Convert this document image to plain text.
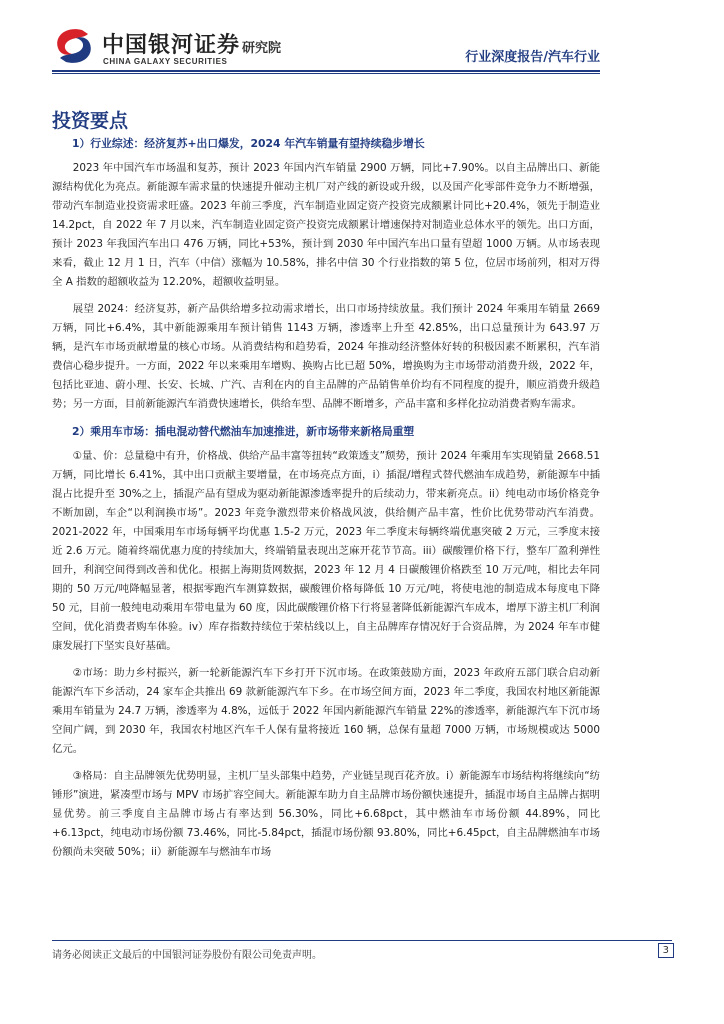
中国银河证券
CHINA GALAXY SECURITIES
研究院
行业深度报告/汽车行业
投资要点
1）行业综述：经济复苏+出口爆发，2024 年汽车销量有望持续稳步增长

2023 年中国汽车市场温和复苏，预计 2023 年国内汽车销量 2900 万辆，同比+7.90%。以自主品牌出口、新能源结构优化为亮点。新能源车需求量的快速提升催动主机厂对产线的新设或升级，以及国产化零部件竞争力不断增强，带动汽车制造业投资需求旺盛。2023 年前三季度，汽车制造业固定资产投资完成额累计同比+20.4%，领先于制造业 14.2pct，自 2022 年 7 月以来，汽车制造业固定资产投资完成额累计增速保持对制造业总体水平的领先。出口方面，预计 2023 年我国汽车出口 476 万辆，同比+53%，预计到 2030 年中国汽车出口量有望超 1000 万辆。从市场表现来看，截止 12 月 1 日，汽车（中信）涨幅为 10.58%，排名中信 30 个行业指数的第 5 位，位居市场前列，相对万得全 A 指数的超额收益为 12.20%，超额收益明显。

展望 2024：经济复苏，新产品供给增多拉动需求增长，出口市场持续放量。我们预计 2024 年乘用车销量 2669 万辆，同比+6.4%，其中新能源乘用车预计销售 1143 万辆，渗透率上升至 42.85%，出口总量预计为 643.97 万辆，是汽车市场贡献增量的核心市场。从消费结构和趋势看，2024 年推动经济整体好转的积极因素不断累积，汽车消费信心稳步提升。一方面，2022 年以来乘用车增购、换购占比已超 50%，增换购为主市场带动消费升级，2022 年，包括比亚迪、蔚小理、长安、长城、广汽、吉利在内的自主品牌的产品销售单价均有不同程度的提升，顺应消费升级趋势；另一方面，目前新能源汽车消费快速增长，供给车型、品牌不断增多，产品丰富和多样化拉动消费者购车需求。

2）乘用车市场：插电混动替代燃油车加速推进，新市场带来新格局重塑

①量、价：总量稳中有升，价格战、供给产品丰富等扭转“政策透支”颓势，预计 2024 年乘用车实现销量 2668.51 万辆，同比增长 6.41%，其中出口贡献主要增量，在市场亮点方面，i）插混/增程式替代燃油车成趋势，新能源车中插混占比提升至 30%之上，插混产品有望成为驱动新能源渗透率提升的后续动力，带来新亮点。ii）纯电动市场价格竞争不断加剧，车企“以利润换市场”。2023 年竞争激烈带来价格战风波，供给侧产品丰富，性价比优势带动汽车消费。2021-2022 年，中国乘用车市场每辆平均优惠 1.5-2 万元，2023 年二季度末每辆终端优惠突破 2 万元，三季度末接近 2.6 万元。随着终端优惠力度的持续加大，终端销量表现出芝麻开花节节高。iii）碳酸锂价格下行，整车厂盈利弹性回升，利润空间得到改善和优化。根据上海期货网数据，2023 年 12 月 4 日碳酸锂价格跌至 10 万元/吨，相比去年同期的 50 万元/吨降幅显著，根据零跑汽车测算数据，碳酸锂价格每降低 10 万元/吨，将使电池的制造成本每度电下降 50 元，目前一般纯电动乘用车带电量为 60 度，因此碳酸锂价格下行将显著降低新能源汽车成本，增厚下游主机厂利润空间，优化消费者购车体验。iv）库存指数持续位于荣枯线以上，自主品牌库存情况好于合资品牌，为 2024 年车市健康发展打下坚实良好基础。

②市场：助力乡村振兴，新一轮新能源汽车下乡打开下沉市场。在政策鼓励方面，2023 年政府五部门联合启动新能源汽车下乡活动，24 家车企共推出 69 款新能源汽车下乡。在市场空间方面，2023 年二季度，我国农村地区新能源乘用车销量为 24.7 万辆，渗透率为 4.8%，远低于 2022 年国内新能源汽车销量 22%的渗透率，新能源汽车下沉市场空间广阔，到 2030 年，我国农村地区汽车千人保有量将接近 160 辆，总保有量超 7000 万辆，市场规模或达 5000 亿元。

③格局：自主品牌领先优势明显，主机厂呈头部集中趋势，产业链呈现百花齐放。i）新能源车市场结构将继续向“纺锤形”演进，紧凑型市场与 MPV 市场扩容空间大。新能源车助力自主品牌市场份额快速提升，插混市场自主品牌占据明显优势。前三季度自主品牌市场占有率达到 56.30%，同比+6.68pct，其中燃油车市场份额 44.89%，同比+6.13pct，纯电动市场份额 73.46%，同比-5.84pct，插混市场份额 93.80%，同比+6.45pct，自主品牌燃油车市场份额尚未突破 50%；ii）新能源车与燃油车市场

请务必阅读正文最后的中国银河证券股份有限公司免责声明。	3
